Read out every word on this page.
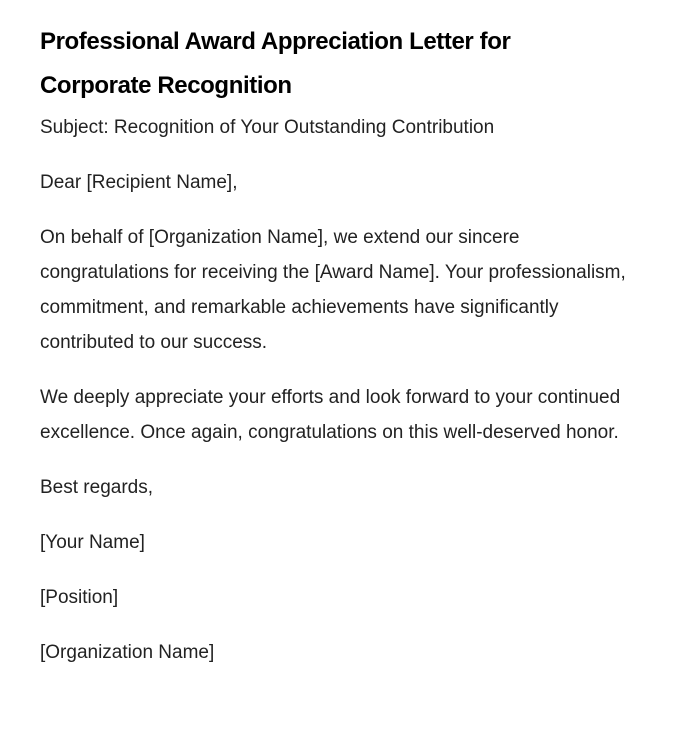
Professional Award Appreciation Letter for Corporate Recognition

Subject: Recognition of Your Outstanding Contribution

Dear [Recipient Name],

On behalf of [Organization Name], we extend our sincere congratulations for receiving the [Award Name]. Your professionalism, commitment, and remarkable achievements have significantly contributed to our success.

We deeply appreciate your efforts and look forward to your continued excellence. Once again, congratulations on this well-deserved honor.

Best regards,

[Your Name]

[Position]

[Organization Name]
